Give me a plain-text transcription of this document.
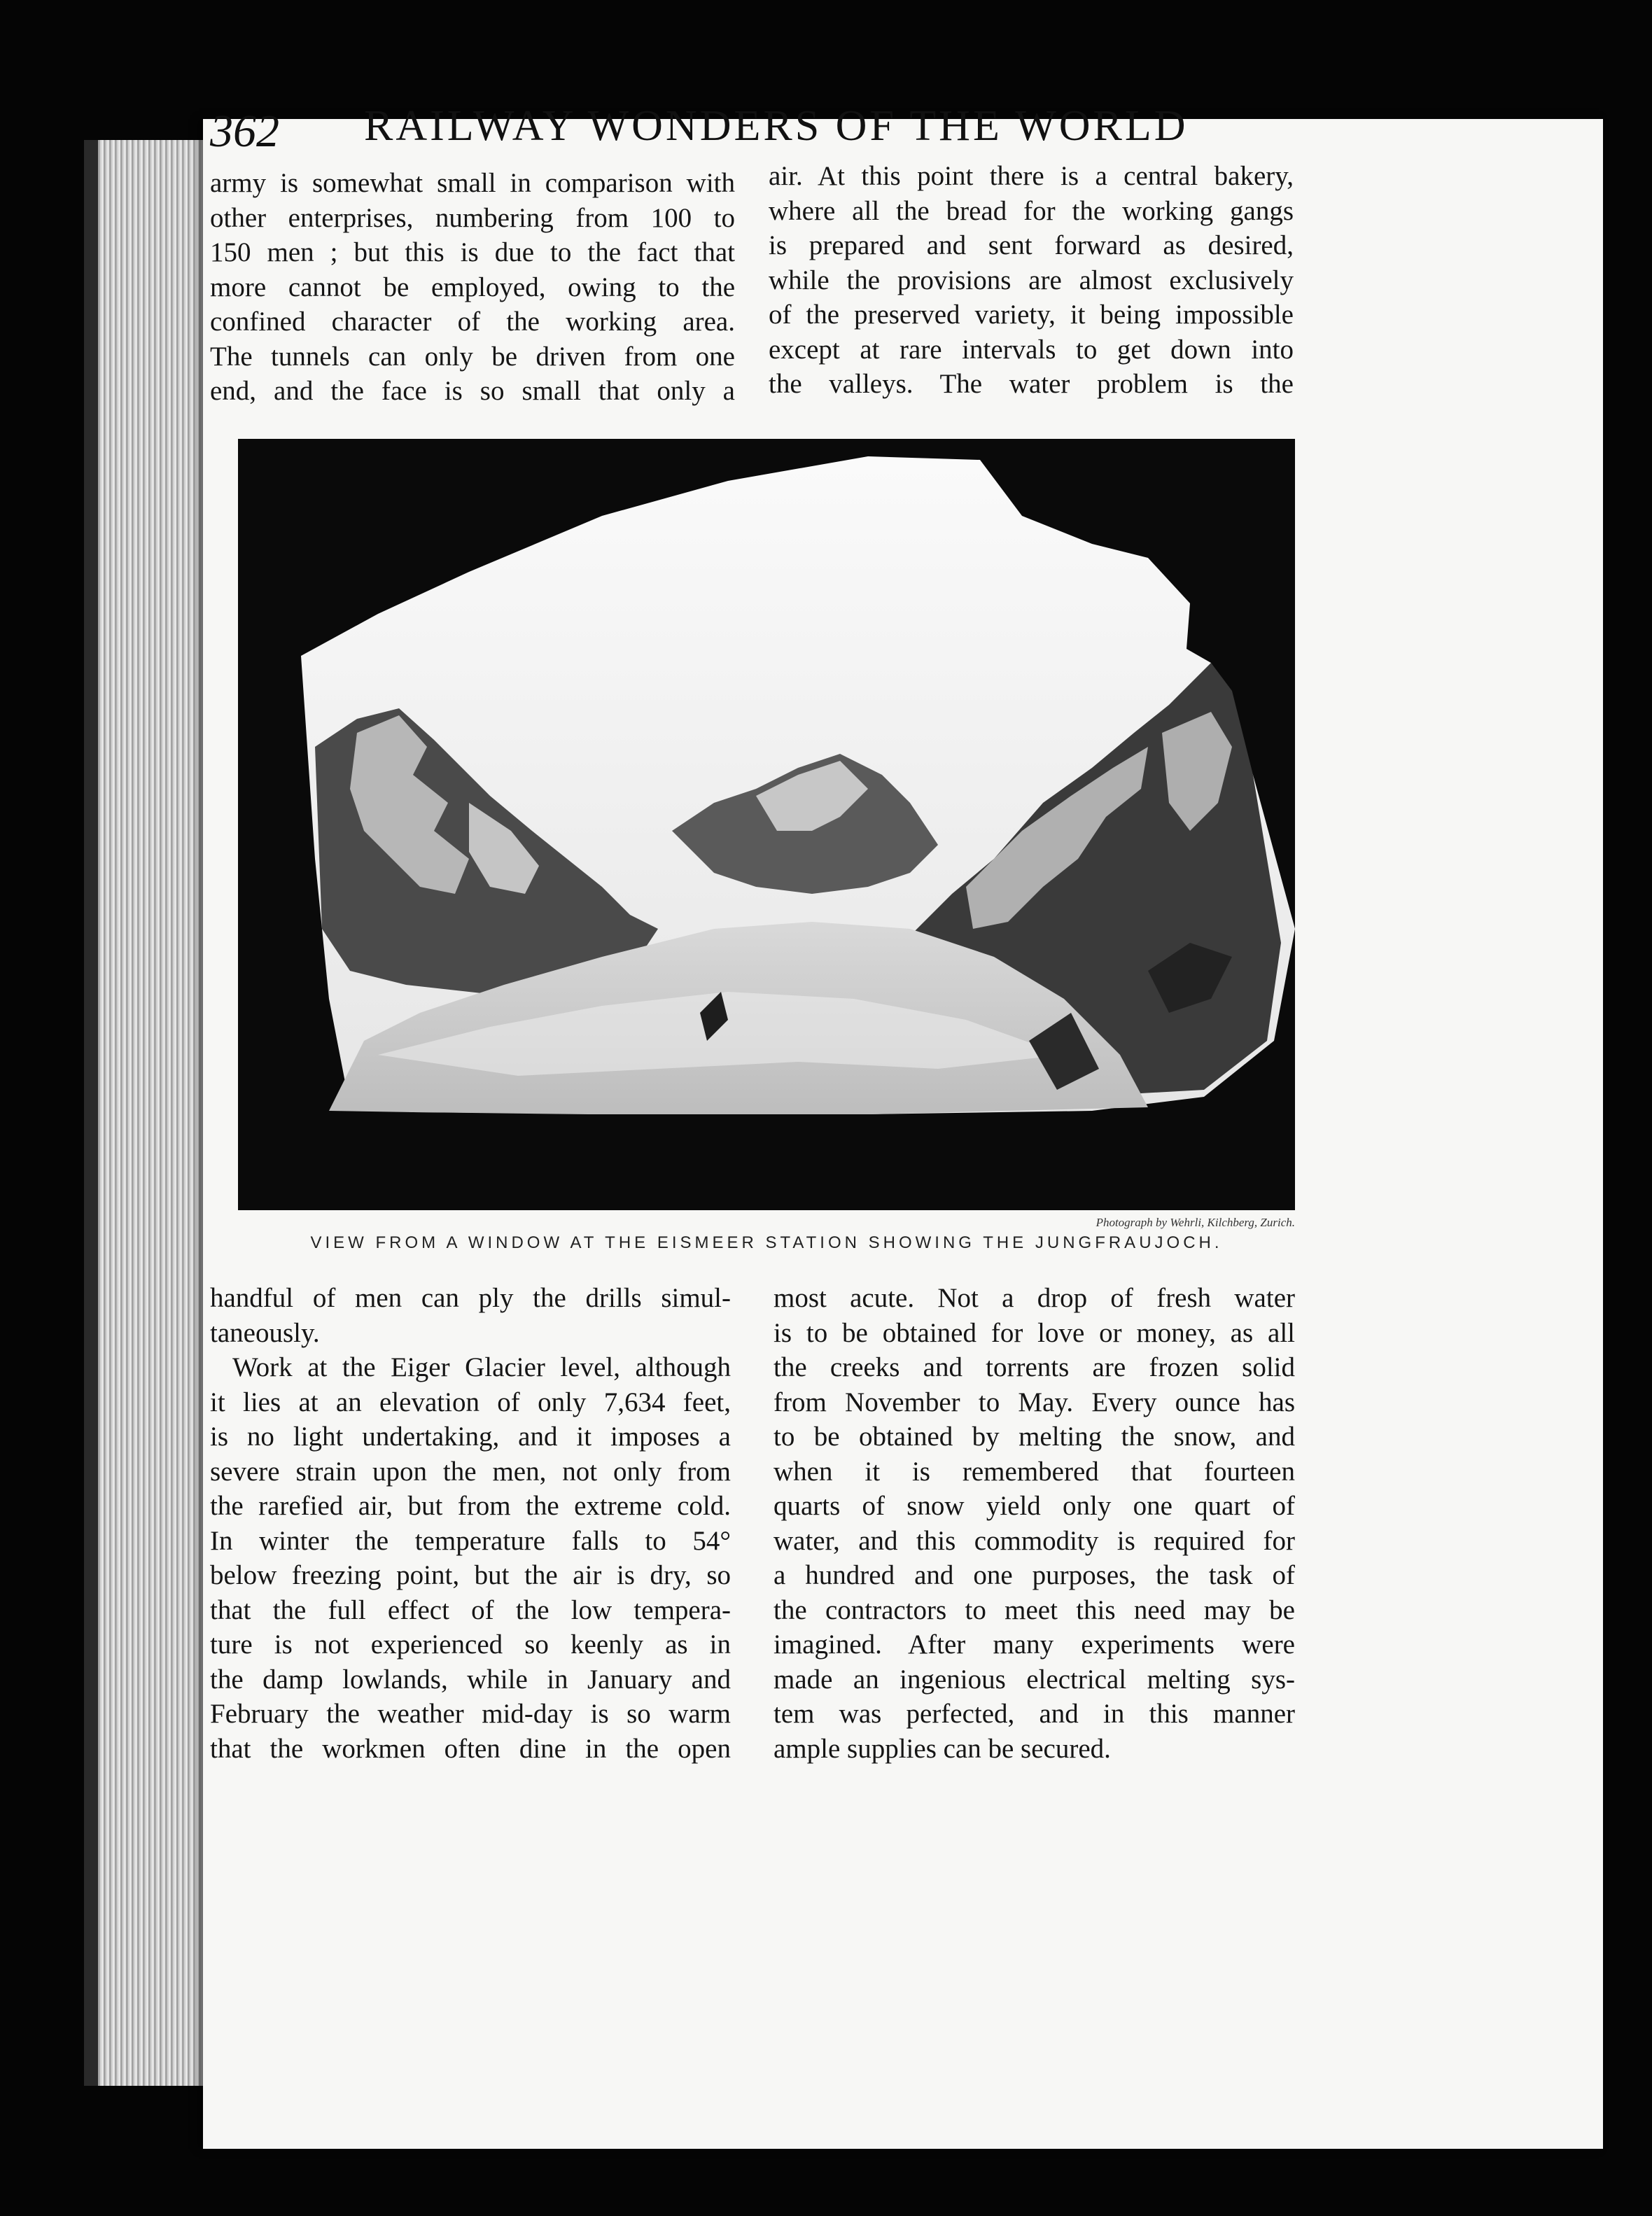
362	RAILWAY WONDERS OF THE WORLD
army is somewhat small in comparison with
other enterprises, numbering from 100 to
150 men ; but this is due to the fact that
more cannot be employed, owing to the
confined character of the working area.
The tunnels can only be driven from one
end, and the face is so small that only a
air. At this point there is a central bakery,
where all the bread for the working gangs
is prepared and sent forward as desired,
while the provisions are almost exclusively
of the preserved variety, it being impossible
except at rare intervals to get down into
the valleys. The water problem is the
Photograph by Wehrli, Kilchberg, Zurich.
VIEW FROM A WINDOW AT THE EISMEER STATION SHOWING THE JUNGFRAUJOCH.
handful of men can ply the drills simul-
taneously.
Work at the Eiger Glacier level, although
it lies at an elevation of only 7,634 feet,
is no light undertaking, and it imposes a
severe strain upon the men, not only from
the rarefied air, but from the extreme cold.
In winter the temperature falls to 54°
below freezing point, but the air is dry, so
that the full effect of the low tempera-
ture is not experienced so keenly as in
the damp lowlands, while in January and
February the weather mid-day is so warm
that the workmen often dine in the open
most acute. Not a drop of fresh water
is to be obtained for love or money, as all
the creeks and torrents are frozen solid
from November to May. Every ounce has
to be obtained by melting the snow, and
when it is remembered that fourteen
quarts of snow yield only one quart of
water, and this commodity is required for
a hundred and one purposes, the task of
the contractors to meet this need may be
imagined. After many experiments were
made an ingenious electrical melting sys-
tem was perfected, and in this manner
ample supplies can be secured.
